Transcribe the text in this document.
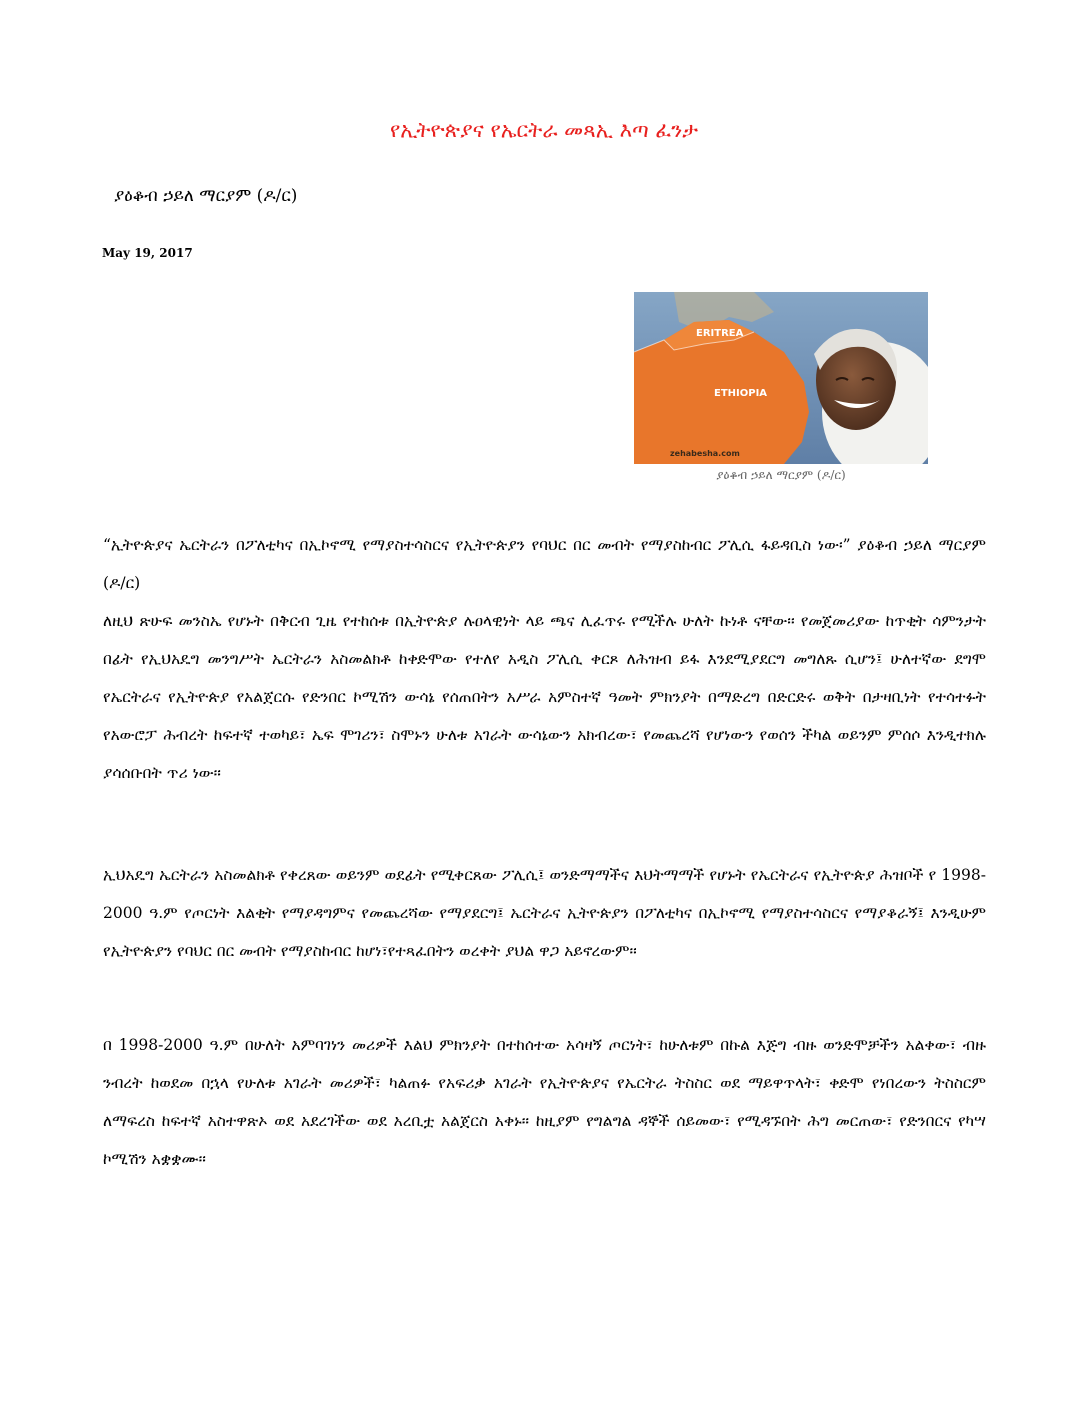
የኢትዮጵያና የኤርትራ መጻኢ እጣ ፈንታ

ያዕቆብ ኃይለ ማርያም (ዶ/ር)

May 19, 2017

ERITREA
ETHIOPIA
zehabesha.com

ያዕቆብ ኃይለ ማርያም (ዶ/ር)

“ኢትዮጵያና ኤርትራን በፖለቲካና በኢኮኖሚ የማያስተሳስርና የኢትዮጵያን የባህር በር መብት የማያስከብር ፖሊሲ ፋይዳቢስ ነው፡” ያዕቆብ ኃይለ ማርያም (ዶ/ር)
ለዚህ ጽሁፍ መንስኤ የሆኑት በቅርብ ጊዜ የተከሰቱ በኢትዮጵያ ሉዐላዊነት ላይ ጫና ሊፈጥሩ የሚችሉ ሁለት ኩነቶ ናቸው፡፡ የመጀመሪያው ከጥቂት ሳምንታት በፊት የኢህአዴግ መንግሥት ኤርትራን አስመልክቶ ከቀድሞው የተለየ አዲስ ፖሊሲ ቀርጾ ለሕዝብ ይፋ እንደሚያደርግ መግለጹ ሲሆን፤ ሁለተኛው ደግሞ የኤርትራና የኢትዮጵያ የአልጀርሱ የድንበር ኮሚሽን ውሳኔ የሰጠበትን አሥራ አምስተኛ ዓመት ምክንያት በማድረግ በድርድሩ ወቅት በታዛቢነት የተሳተፉት የአውሮፓ ሕብረት ከፍተኛ ተወካይ፣ ኤፍ ሞገሪን፣ ስሞኑን ሁለቱ አገራት ውሳኔውን አክብረው፣ የመጨረሻ የሆነውን የወሰን ችካል ወይንም ምሰሶ እንዲተክሉ ያሳሰቡበት ጥሪ ነው፡፡

ኢህአዴግ ኤርትራን አስመልክቶ የቀረጸው ወይንም ወደፊት የሚቀርጸው ፖሊሲ፤ ወንድማማችና እህትማማች የሆኑት የኤርትራና የኢትዮጵያ ሕዝቦች የ 1998-2000 ዓ.ም የጦርነት እልቂት የማያዳግምና የመጨረሻው የማያደርግ፤ ኤርትራና ኢትዮጵያን በፖለቲካና በኢኮኖሚ የማያስተሳስርና የማያቆራኝ፤ እንዲሁም የኢትዮጵያን የባህር በር መብት የማያስከብር ከሆነ፣የተጻፈበትን ወረቀት ያህል ዋጋ አይኖረውም፡፡

በ 1998-2000 ዓ.ም በሁለት አምባገነን መሪዎች እልህ ምክንያት በተከሰተው አሳዛኝ ጦርነት፣ ከሁለቱም በኩል እጅግ ብዙ ወንድሞቻችን አልቀው፣ ብዙ ንብረት ከወደመ በኋላ የሁለቱ አገራት መሪዎች፣ ካልጠፉ የአፍሪቃ አገራት የኢትዮጵያና የኤርትራ ትስስር ወደ ማይዋጥላት፣ ቀድሞ የነበረውን ትስስርም ለማፍረስ ከፍተኛ አስተዋጽኦ ወደ አደረገችው ወደ አረቢቷ አልጀርስ አቀኑ፡፡ ከዚያም የግልግል ዳኞች ሰይመው፣ የሚዳኙበት ሕግ መርጠው፣ የድንበርና የካሣ ኮሚሽን አቋቋሙ፡፡
